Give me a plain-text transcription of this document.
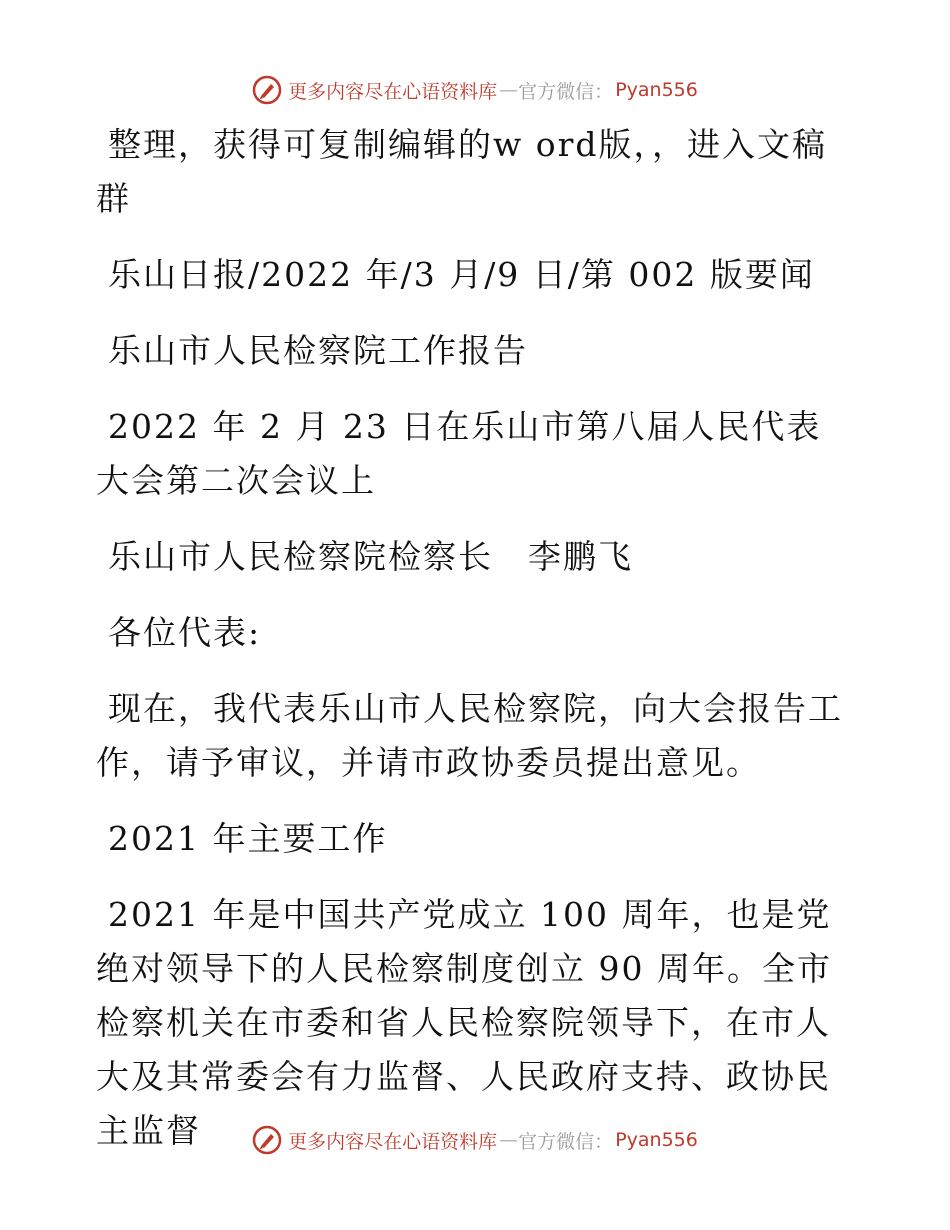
更多内容尽在心语资料库 — 官方微信： Pyan556

整理，获得可复制编辑的w ord版，，进入文稿群

乐山日报/2022 年/3 月/9 日/第 002 版要闻

乐山市人民检察院工作报告

2022 年 2 月 23 日在乐山市第八届人民代表大会第二次会议上

乐山市人民检察院检察长　李鹏飞

各位代表:

现在，我代表乐山市人民检察院，向大会报告工作，请予审议，并请市政协委员提出意见。

2021 年主要工作

2021 年是中国共产党成立 100 周年，也是党绝对领导下的人民检察制度创立 90 周年。全市检察机关在市委和省人民检察院领导下，在市人大及其常委会有力监督、人民政府支持、政协民主监督	更多内容尽在心语资料库 — 官方微信： Pyan556
